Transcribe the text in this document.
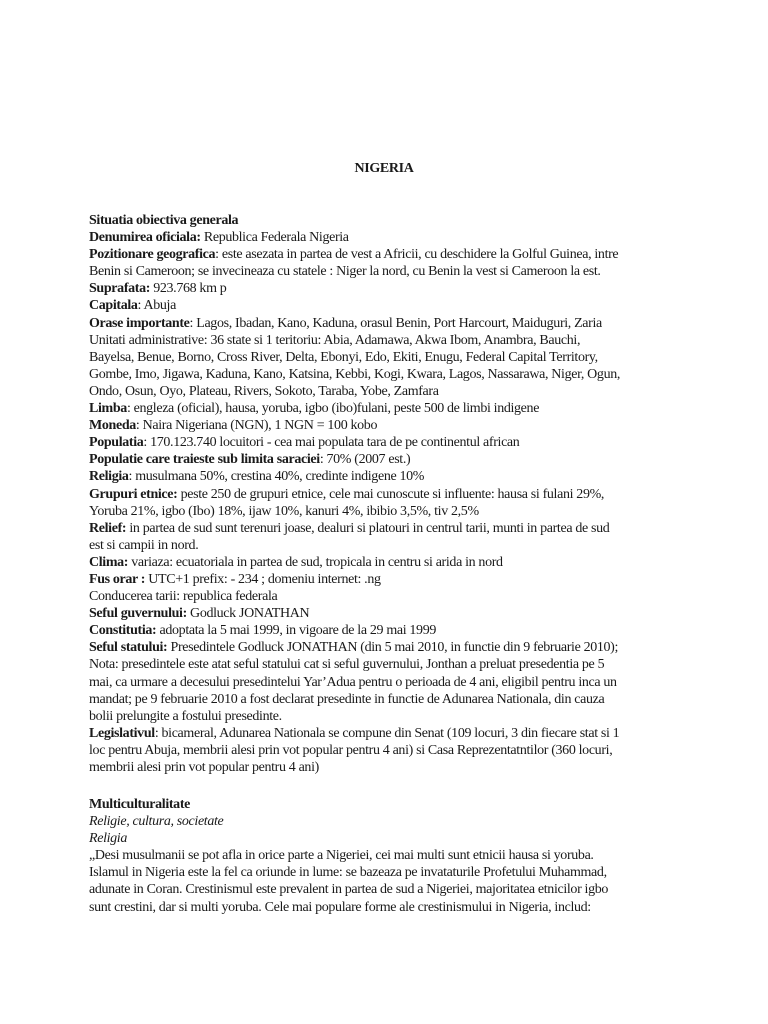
NIGERIA
Situatia obiectiva generala
Denumirea oficiala: Republica Federala Nigeria
Pozitionare geografica: este asezata in partea de vest a Africii, cu deschidere la Golful Guinea, intre
Benin si Cameroon; se invecineaza cu statele : Niger la nord, cu Benin la vest si Cameroon la est.
Suprafata: 923.768 km p
Capitala: Abuja
Orase importante: Lagos, Ibadan, Kano, Kaduna, orasul Benin, Port Harcourt, Maiduguri, Zaria
Unitati administrative: 36 state si 1 teritoriu: Abia, Adamawa, Akwa Ibom, Anambra, Bauchi,
Bayelsa, Benue, Borno, Cross River, Delta, Ebonyi, Edo, Ekiti, Enugu, Federal Capital Territory,
Gombe, Imo, Jigawa, Kaduna, Kano, Katsina, Kebbi, Kogi, Kwara, Lagos, Nassarawa, Niger, Ogun,
Ondo, Osun, Oyo, Plateau, Rivers, Sokoto, Taraba, Yobe, Zamfara
Limba: engleza (oficial), hausa, yoruba, igbo (ibo)fulani, peste 500 de limbi indigene
Moneda: Naira Nigeriana (NGN), 1 NGN = 100 kobo
Populatia: 170.123.740 locuitori - cea mai populata tara de pe continentul african
Populatie care traieste sub limita saraciei: 70% (2007 est.)
Religia: musulmana 50%, crestina 40%, credinte indigene 10%
Grupuri etnice: peste 250 de grupuri etnice, cele mai cunoscute si influente: hausa si fulani 29%,
Yoruba 21%, igbo (Ibo) 18%, ijaw 10%, kanuri 4%, ibibio 3,5%, tiv 2,5%
Relief: in partea de sud sunt terenuri joase, dealuri si platouri in centrul tarii, munti in partea de sud
est si campii in nord.
Clima: variaza: ecuatoriala in partea de sud, tropicala in centru si arida in nord
Fus orar : UTC+1 prefix: - 234 ; domeniu internet: .ng
Conducerea tarii: republica federala
Seful guvernului: Godluck JONATHAN
Constitutia: adoptata la 5 mai 1999, in vigoare de la 29 mai 1999
Seful statului: Presedintele Godluck JONATHAN (din 5 mai 2010, in functie din 9 februarie 2010);
Nota: presedintele este atat seful statului cat si seful guvernului, Jonthan a preluat presedentia pe 5
mai, ca urmare a decesului presedintelui Yar’Adua pentru o perioada de 4 ani, eligibil pentru inca un
mandat; pe 9 februarie 2010 a fost declarat presedinte in functie de Adunarea Nationala, din cauza
bolii prelungite a fostului presedinte.
Legislativul: bicameral, Adunarea Nationala se compune din Senat (109 locuri, 3 din fiecare stat si 1
loc pentru Abuja, membrii alesi prin vot popular pentru 4 ani) si Casa Reprezentatntilor (360 locuri,
membrii alesi prin vot popular pentru 4 ani)
Multiculturalitate
Religie, cultura, societate
Religia
„Desi musulmanii se pot afla in orice parte a Nigeriei, cei mai multi sunt etnicii hausa si yoruba.
Islamul in Nigeria este la fel ca oriunde in lume: se bazeaza pe invataturile Profetului Muhammad,
adunate in Coran. Crestinismul este prevalent in partea de sud a Nigeriei, majoritatea etnicilor igbo
sunt crestini, dar si multi yoruba. Cele mai populare forme ale crestinismului in Nigeria, includ:
